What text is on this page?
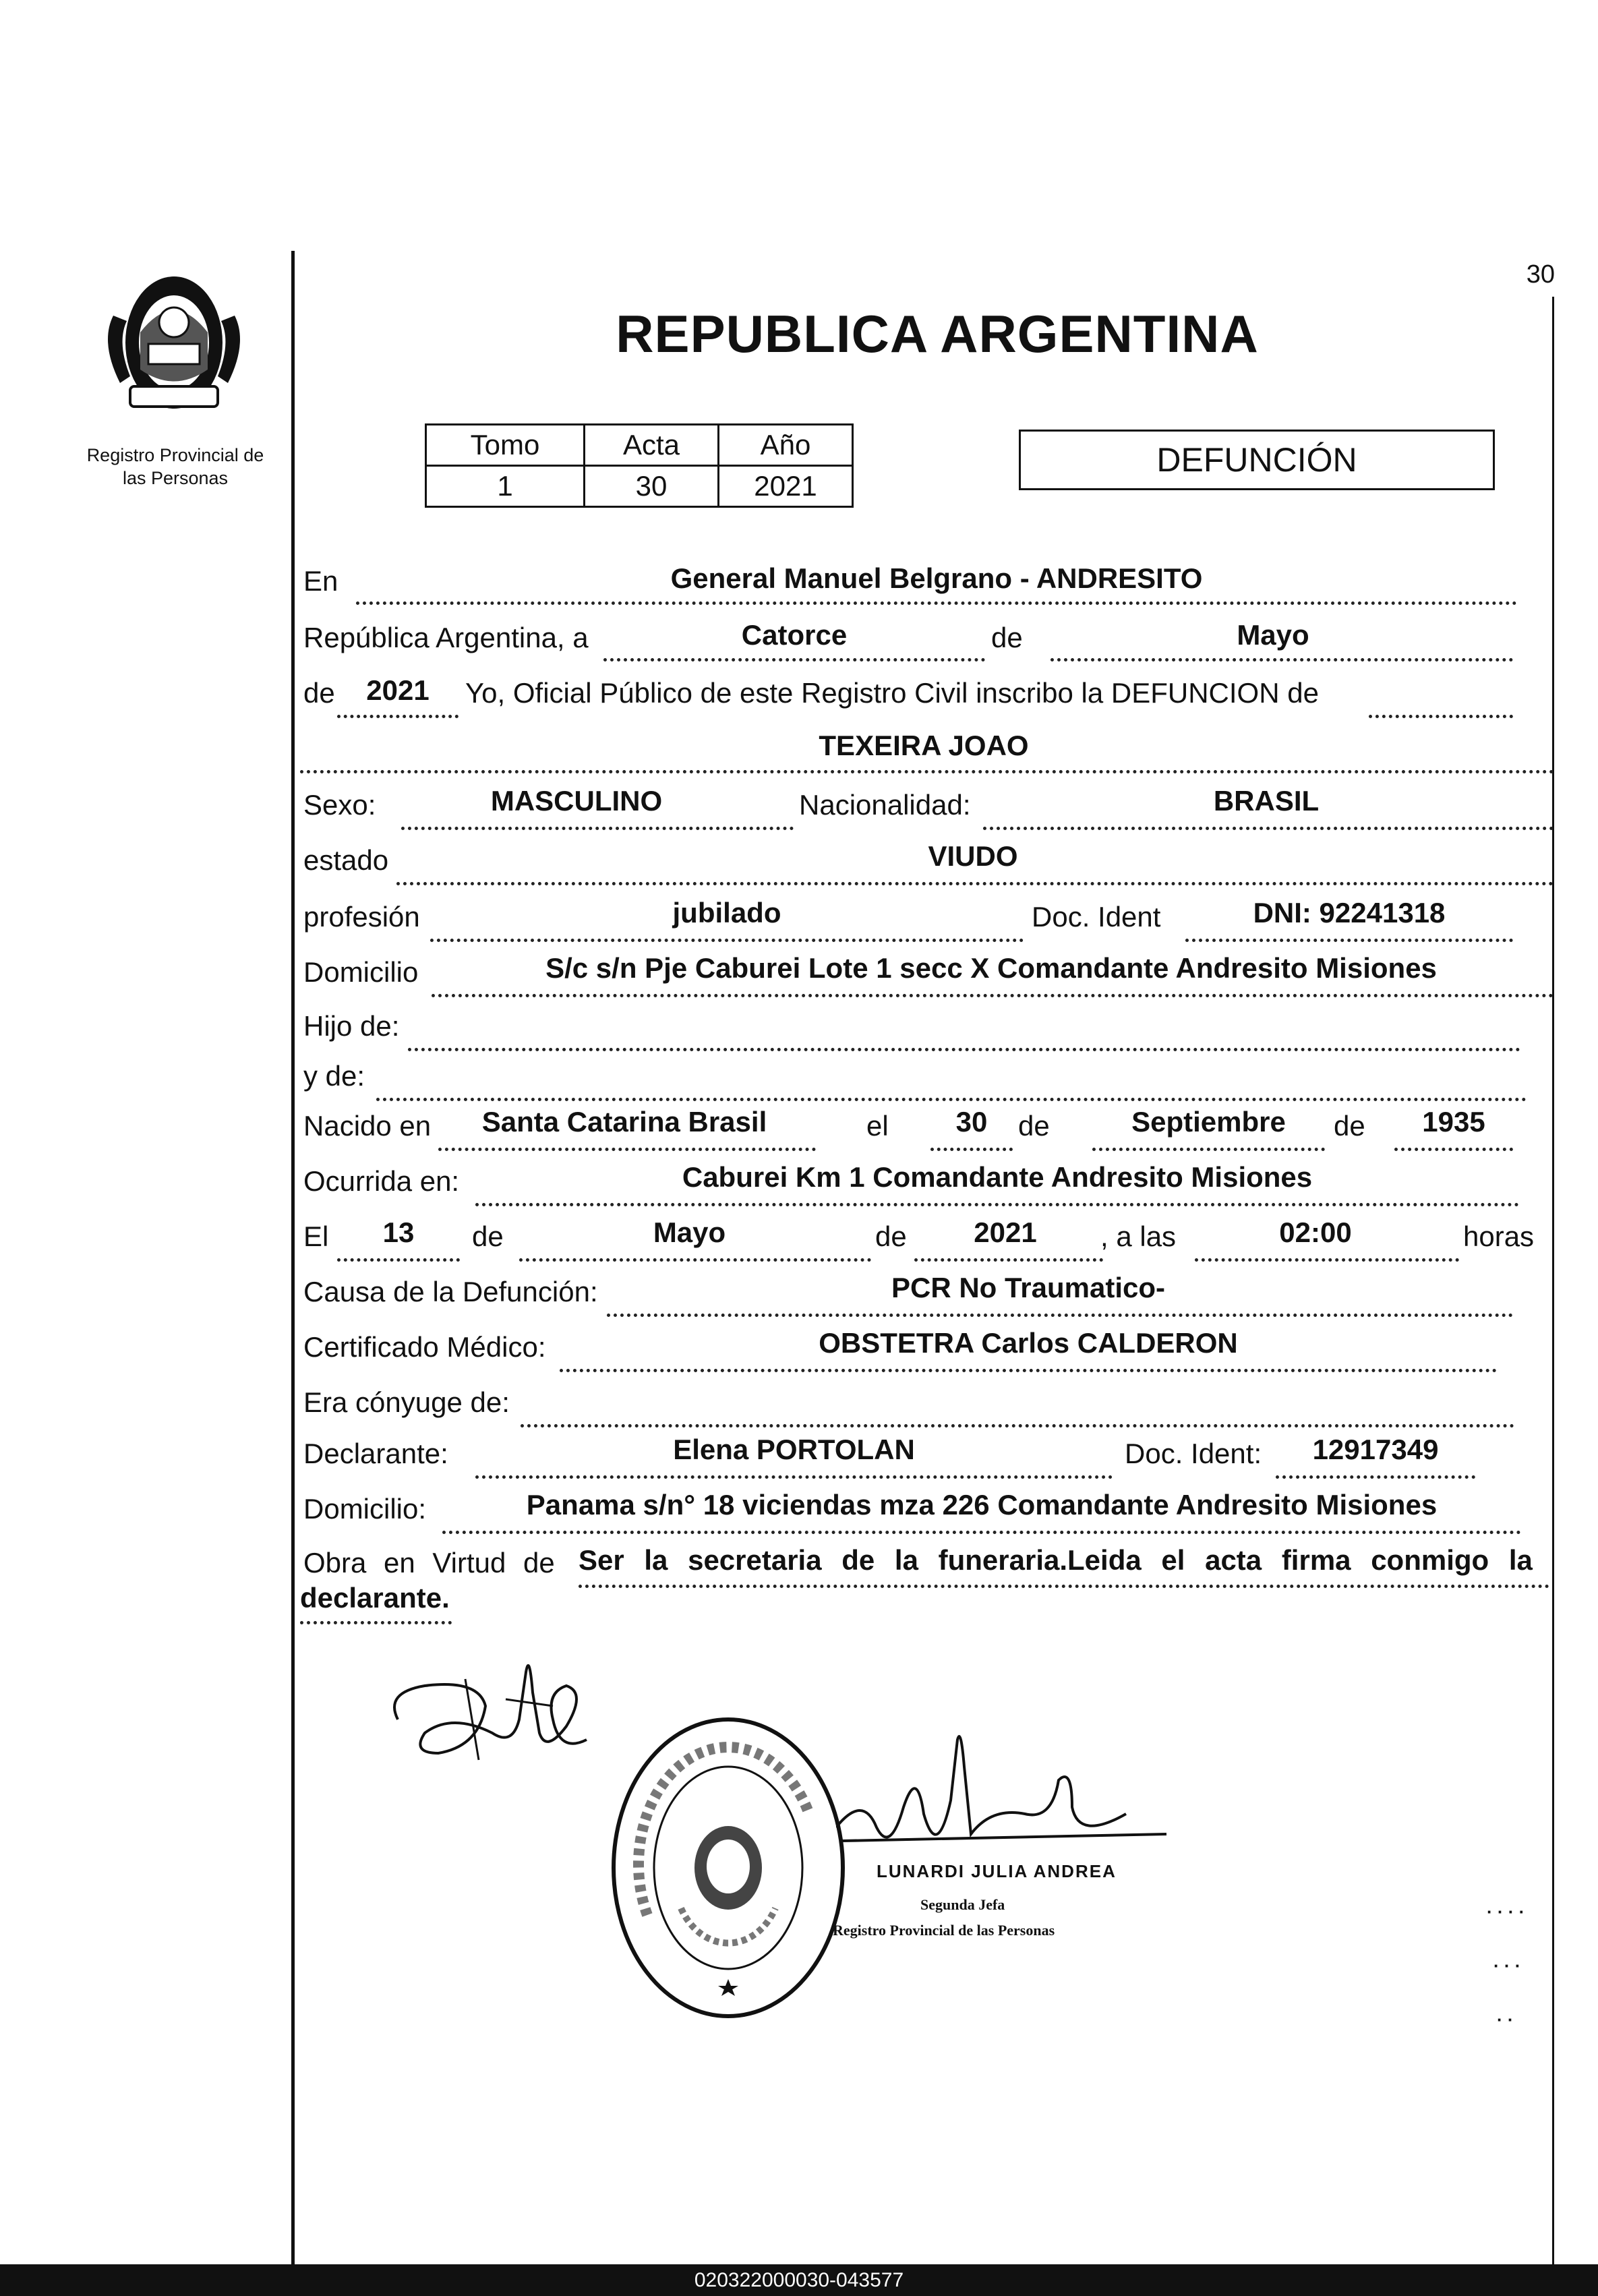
Registro Provincial de
las Personas
30
REPUBLICA ARGENTINA
Tomo	Acta	Año
1	30	2021
DEFUNCIÓN
En	General Manuel Belgrano - ANDRESITO
República Argentina, a	Catorce	de	Mayo
de	2021	Yo, Oficial Público de este Registro Civil inscribo la DEFUNCION de
TEXEIRA JOAO
Sexo:	MASCULINO	Nacionalidad:	BRASIL
estado	VIUDO
profesión	jubilado	Doc. Ident	DNI: 92241318
Domicilio	S/c s/n Pje Caburei Lote 1 secc X Comandante Andresito Misiones
Hijo de:
y de:
Nacido en	Santa Catarina Brasil	el	30	de	Septiembre	de	1935
Ocurrida en:	Caburei Km 1 Comandante Andresito Misiones
El	13	de	Mayo	de	2021	, a las	02:00	horas
Causa de la Defunción:	PCR No Traumatico-
Certificado Médico:	OBSTETRA Carlos CALDERON
Era cónyuge de:
Declarante:	Elena PORTOLAN	Doc. Ident:	12917349
Domicilio:	Panama s/n° 18 viciendas mza 226 Comandante Andresito Misiones
Obra en Virtud de Ser la secretaria de la funeraria.Leida el acta firma conmigo la
declarante.
LUNARDI JULIA ANDREA
Segunda Jefa
Registro Provincial de las Personas
· · · ·
· · ·
· ·
020322000030-043577
